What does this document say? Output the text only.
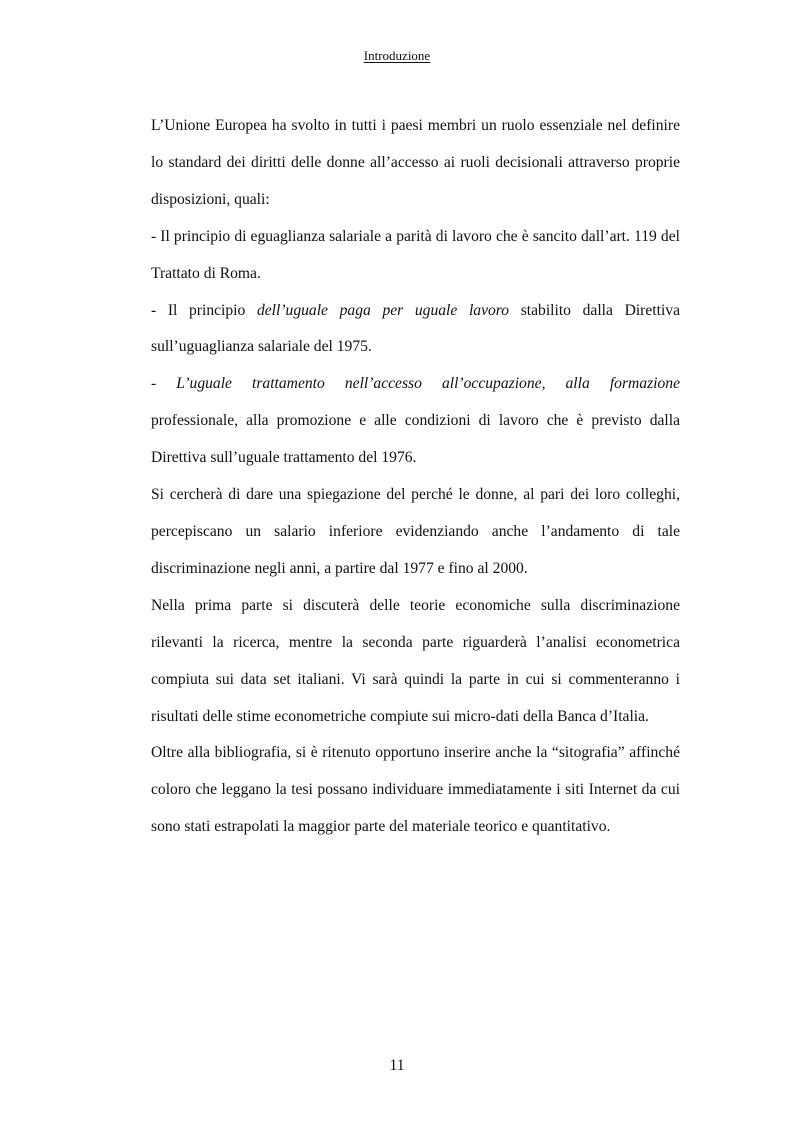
Introduzione

L’Unione Europea ha svolto in tutti i paesi membri un ruolo essenziale nel definire lo standard dei diritti delle donne all’accesso ai ruoli decisionali attraverso proprie disposizioni, quali:

- Il principio di eguaglianza salariale a parità di lavoro che è sancito dall’art. 119 del Trattato di Roma.

- Il principio dell’uguale paga per uguale lavoro stabilito dalla Direttiva sull’uguaglianza salariale del 1975.

- L’uguale trattamento nell’accesso all’occupazione, alla formazione

professionale, alla promozione e alle condizioni di lavoro che è previsto dalla Direttiva sull’uguale trattamento del 1976.

Si cercherà di dare una spiegazione del perché le donne, al pari dei loro colleghi, percepiscano un salario inferiore evidenziando anche l’andamento di tale discriminazione negli anni, a partire dal 1977 e fino al 2000.

Nella prima parte si discuterà delle teorie economiche sulla discriminazione rilevanti la ricerca, mentre la seconda parte riguarderà l’analisi econometrica compiuta sui data set italiani. Vi sarà quindi la parte in cui si commenteranno i risultati delle stime econometriche compiute sui micro-dati della Banca d’Italia.

Oltre alla bibliografia, si è ritenuto opportuno inserire anche la “sitografia” affinché coloro che leggano la tesi possano individuare immediatamente i siti Internet da cui sono stati estrapolati la maggior parte del materiale teorico e quantitativo.

11
